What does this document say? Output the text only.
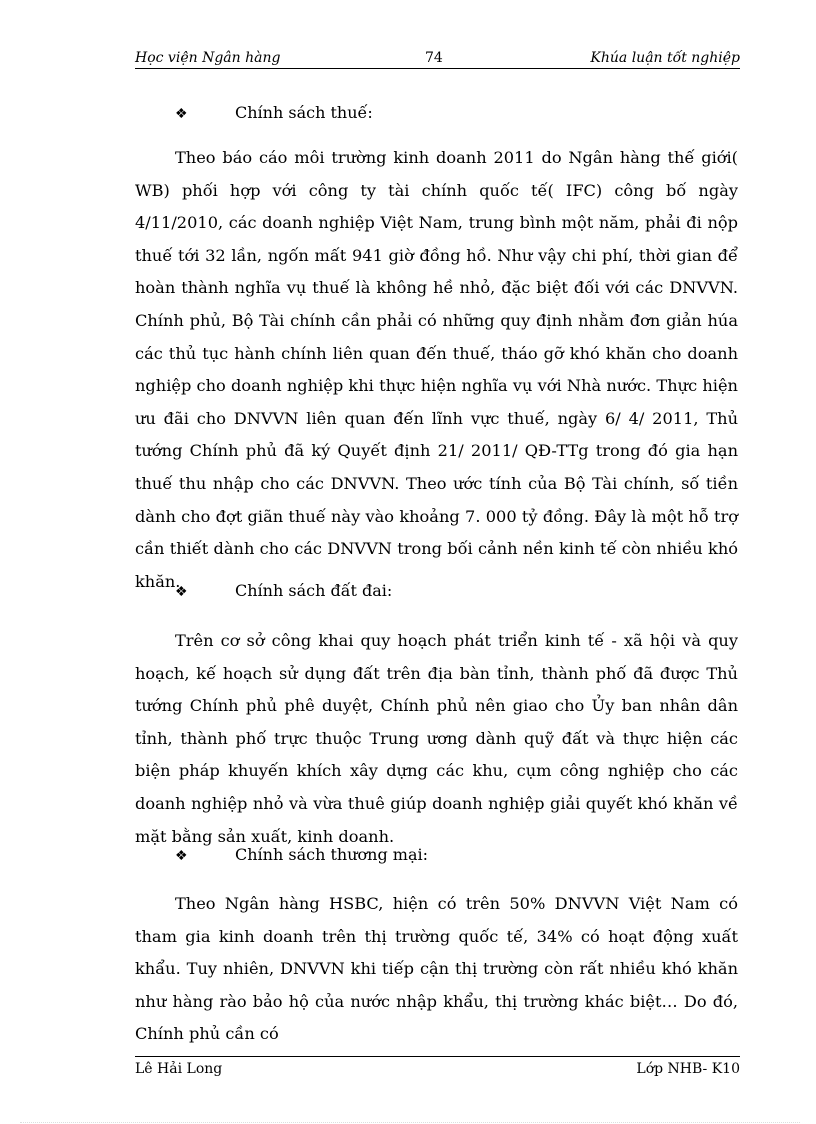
Học viện Ngân hàng	74	Khúa luận tốt nghiệp
❖	Chính sách thuế:

Theo báo cáo môi trường kinh doanh 2011 do Ngân hàng thế giới( WB) phối hợp với công ty tài chính quốc tế( IFC) công bố ngày 4/11/2010, các doanh nghiệp Việt Nam, trung bình một năm, phải đi nộp thuế tới 32 lần, ngốn mất 941 giờ đồng hồ. Như vậy chi phí, thời gian để hoàn thành nghĩa vụ thuế là không hề nhỏ, đặc biệt đối với các DNVVN. Chính phủ, Bộ Tài chính cần phải có những quy định nhằm đơn giản húa các thủ tục hành chính liên quan đến thuế, tháo gỡ khó khăn cho doanh nghiệp cho doanh nghiệp khi thực hiện nghĩa vụ với Nhà nước. Thực hiện ưu đãi cho DNVVN liên quan đến lĩnh vực thuế, ngày 6/ 4/ 2011, Thủ tướng Chính phủ đã ký Quyết định 21/ 2011/ QĐ-TTg trong đó gia hạn thuế thu nhập cho các DNVVN. Theo ước tính của Bộ Tài chính, số tiền dành cho đợt giãn thuế này vào khoảng 7. 000 tỷ đồng. Đây là một hỗ trợ cần thiết dành cho các DNVVN trong bối cảnh nền kinh tế còn nhiều khó khăn.

❖	Chính sách đất đai:

Trên cơ sở công khai quy hoạch phát triển kinh tế - xã hội và quy hoạch, kế hoạch sử dụng đất trên địa bàn tỉnh, thành phố đã được Thủ tướng Chính phủ phê duyệt, Chính phủ nên giao cho Ủy ban nhân dân tỉnh, thành phố trực thuộc Trung ương dành quỹ đất và thực hiện các biện pháp khuyến khích xây dựng các khu, cụm công nghiệp cho các doanh nghiệp nhỏ và vừa thuê giúp doanh nghiệp giải quyết khó khăn về mặt bằng sản xuất, kinh doanh.

❖	Chính sách thương mại:

Theo Ngân hàng HSBC, hiện có trên 50% DNVVN Việt Nam có tham gia kinh doanh trên thị trường quốc tế, 34% có hoạt động xuất khẩu. Tuy nhiên, DNVVN khi tiếp cận thị trường còn rất nhiều khó khăn như hàng rào bảo hộ của nước nhập khẩu, thị trường khác biệt… Do đó, Chính phủ cần có

Lê Hải Long	Lớp NHB- K10
